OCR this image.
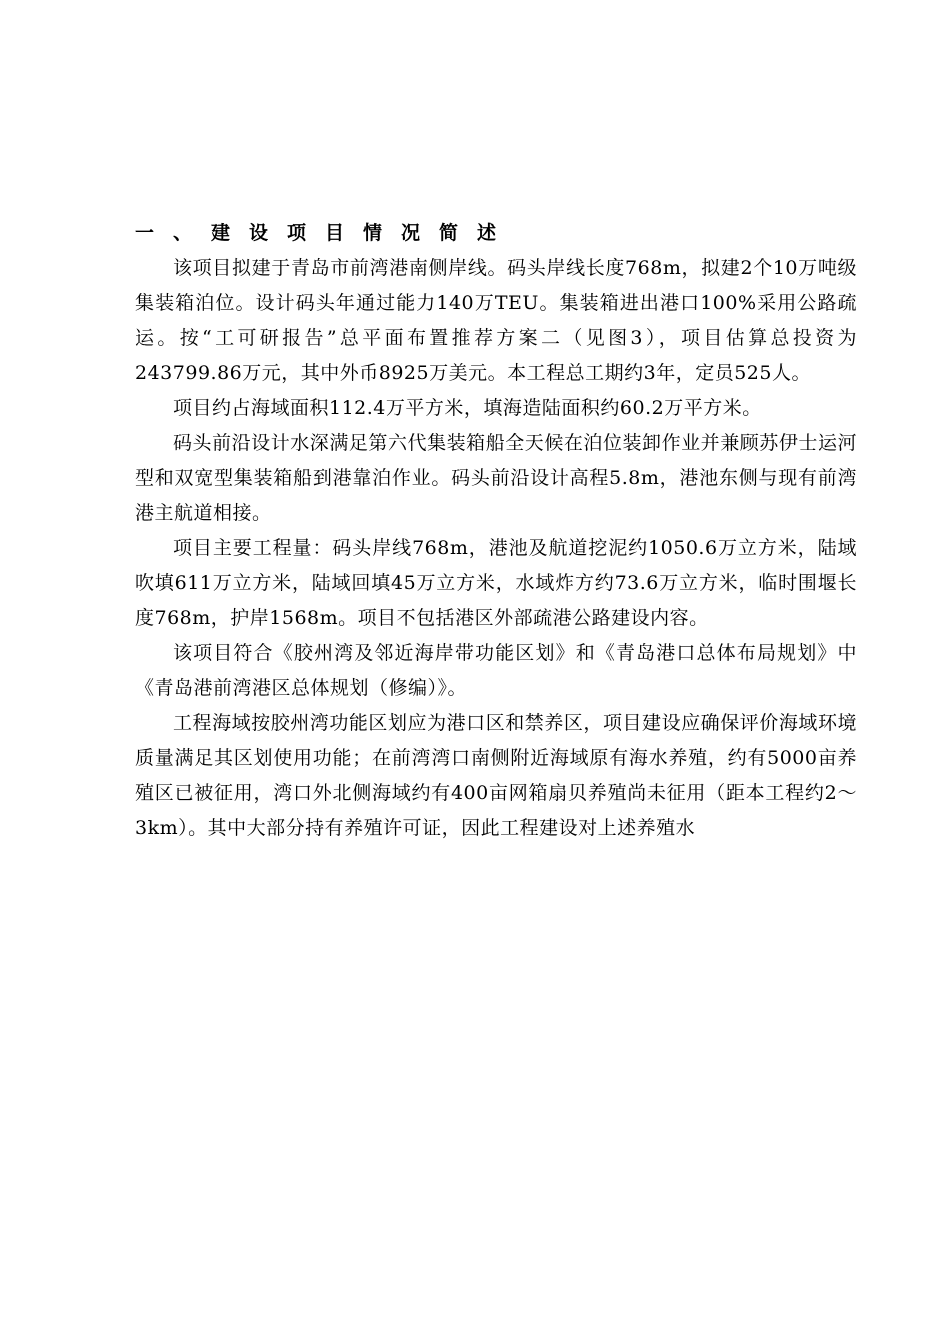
一、建设项目情况简述

该项目拟建于青岛市前湾港南侧岸线。码头岸线长度768m，拟建2个10万吨级集装箱泊位。设计码头年通过能力140万TEU。集装箱进出港口100%采用公路疏运。按“工可研报告”总平面布置推荐方案二（见图3），项目估算总投资为243799.86万元，其中外币8925万美元。本工程总工期约3年，定员525人。

项目约占海域面积112.4万平方米，填海造陆面积约60.2万平方米。

码头前沿设计水深满足第六代集装箱船全天候在泊位装卸作业并兼顾苏伊士运河型和双宽型集装箱船到港靠泊作业。码头前沿设计高程5.8m，港池东侧与现有前湾港主航道相接。

项目主要工程量：码头岸线768m，港池及航道挖泥约1050.6万立方米，陆域吹填611万立方米，陆域回填45万立方米，水域炸方约73.6万立方米，临时围堰长度768m，护岸1568m。项目不包括港区外部疏港公路建设内容。

该项目符合《胶州湾及邻近海岸带功能区划》和《青岛港口总体布局规划》中《青岛港前湾港区总体规划（修编）》。

工程海域按胶州湾功能区划应为港口区和禁养区，项目建设应确保评价海域环境质量满足其区划使用功能；在前湾湾口南侧附近海域原有海水养殖，约有5000亩养殖区已被征用，湾口外北侧海域约有400亩网箱扇贝养殖尚未征用（距本工程约2～3km）。其中大部分持有养殖许可证，因此工程建设对上述养殖水
